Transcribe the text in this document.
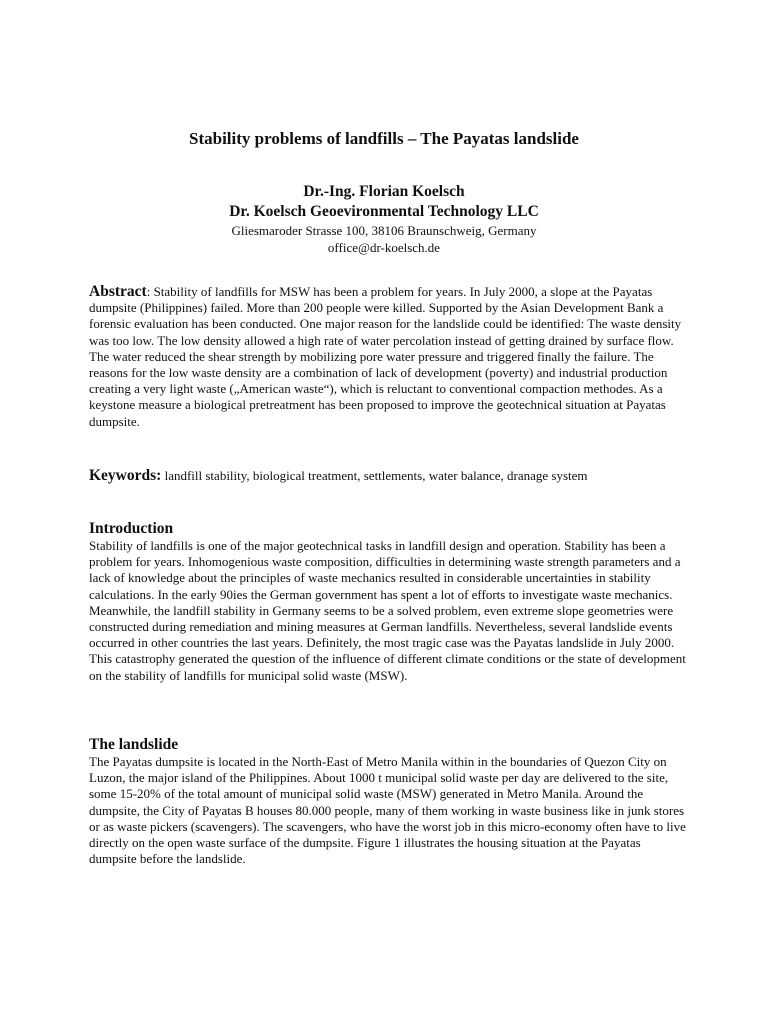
Stability problems of landfills – The Payatas landslide
Dr.-Ing. Florian Koelsch
Dr. Koelsch Geoevironmental Technology LLC
Gliesmaroder Strasse 100, 38106 Braunschweig, Germany
office@dr-koelsch.de
Abstract: Stability of landfills for MSW has been a problem for years. In July 2000, a slope at the Payatas dumpsite (Philippines) failed. More than 200 people were killed. Supported by the Asian Development Bank a forensic evaluation has been conducted. One major reason for the landslide could be identified: The waste density was too low. The low density allowed a high rate of water percolation instead of getting drained by surface flow. The water reduced the shear strength by mobilizing pore water pressure and triggered finally the failure. The reasons for the low waste density are a combination of lack of development (poverty) and industrial production creating a very light waste („American waste“), which is reluctant to conventional compaction methodes. As a keystone measure a biological pretreatment has been proposed to improve the geotechnical situation at Payatas dumpsite.
Keywords: landfill stability, biological treatment, settlements, water balance, dranage system
Introduction
Stability of landfills is one of the major geotechnical tasks in landfill design and operation. Stability has been a problem for years. Inhomogenious waste composition, difficulties in determining waste strength parameters and a lack of knowledge about the principles of waste mechanics resulted in considerable uncertainties in stability calculations. In the early 90ies the German government has spent a lot of efforts to investigate waste mechanics. Meanwhile, the landfill stability in Germany seems to be a solved problem, even extreme slope geometries were constructed during remediation and mining measures at German landfills. Nevertheless, several landslide events occurred in other countries the last years. Definitely, the most tragic case was the Payatas landslide in July 2000. This catastrophy generated the question of the influence of different climate conditions or the state of development on the stability of landfills for municipal solid waste (MSW).
The landslide
The Payatas dumpsite is located in the North-East of Metro Manila within in the boundaries of Quezon City on Luzon, the major island of the Philippines. About 1000 t municipal solid waste per day are delivered to the site, some 15-20% of the total amount of municipal solid waste (MSW) generated in Metro Manila. Around the dumpsite, the City of Payatas B houses 80.000 people, many of them working in waste business like in junk stores or as waste pickers (scavengers). The scavengers, who have the worst job in this micro-economy often have to live directly on the open waste surface of the dumpsite. Figure 1 illustrates the housing situation at the Payatas dumpsite before the landslide.
